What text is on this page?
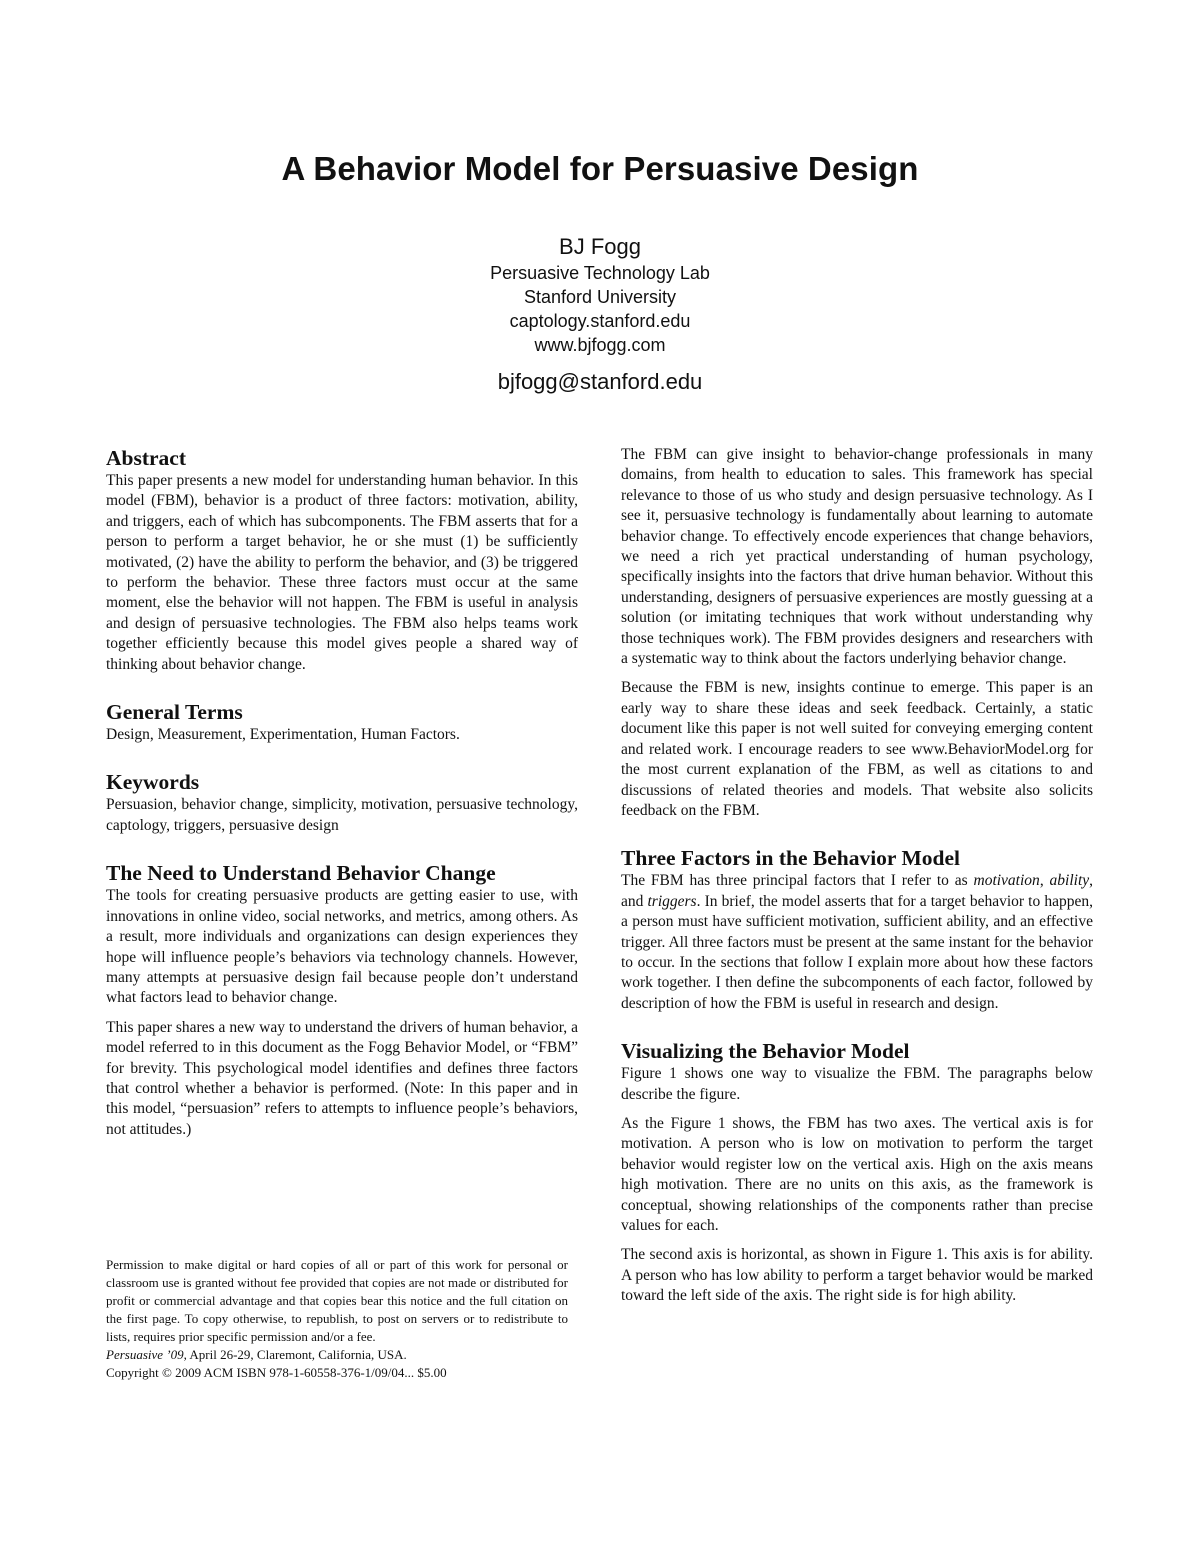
A Behavior Model for Persuasive Design
BJ Fogg
Persuasive Technology Lab
Stanford University
captology.stanford.edu
www.bjfogg.com
bjfogg@stanford.edu
Abstract

This paper presents a new model for understanding human behavior. In this model (FBM), behavior is a product of three factors: motivation, ability, and triggers, each of which has subcomponents. The FBM asserts that for a person to perform a target behavior, he or she must (1) be sufficiently motivated, (2) have the ability to perform the behavior, and (3) be triggered to perform the behavior. These three factors must occur at the same moment, else the behavior will not happen. The FBM is useful in analysis and design of persuasive technologies. The FBM also helps teams work together efficiently because this model gives people a shared way of thinking about behavior change.

General Terms

Design, Measurement, Experimentation, Human Factors.

Keywords

Persuasion, behavior change, simplicity, motivation, persuasive technology, captology, triggers, persuasive design

The Need to Understand Behavior Change

The tools for creating persuasive products are getting easier to use, with innovations in online video, social networks, and metrics, among others. As a result, more individuals and organizations can design experiences they hope will influence people’s behaviors via technology channels. However, many attempts at persuasive design fail because people don’t understand what factors lead to behavior change.

This paper shares a new way to understand the drivers of human behavior, a model referred to in this document as the Fogg Behavior Model, or “FBM” for brevity. This psychological model identifies and defines three factors that control whether a behavior is performed. (Note: In this paper and in this model, “persuasion” refers to attempts to influence people’s behaviors, not attitudes.)

Permission to make digital or hard copies of all or part of this work for personal or classroom use is granted without fee provided that copies are not made or distributed for profit or commercial advantage and that copies bear this notice and the full citation on the first page. To copy otherwise, to republish, to post on servers or to redistribute to lists, requires prior specific permission and/or a fee.

Persuasive ’09, April 26-29, Claremont, California, USA.

Copyright © 2009 ACM ISBN 978-1-60558-376-1/09/04... $5.00

The FBM can give insight to behavior-change professionals in many domains, from health to education to sales. This framework has special relevance to those of us who study and design persuasive technology. As I see it, persuasive technology is fundamentally about learning to automate behavior change. To effectively encode experiences that change behaviors, we need a rich yet practical understanding of human psychology, specifically insights into the factors that drive human behavior. Without this understanding, designers of persuasive experiences are mostly guessing at a solution (or imitating techniques that work without understanding why those techniques work). The FBM provides designers and researchers with a systematic way to think about the factors underlying behavior change.

Because the FBM is new, insights continue to emerge. This paper is an early way to share these ideas and seek feedback. Certainly, a static document like this paper is not well suited for conveying emerging content and related work. I encourage readers to see www.BehaviorModel.org for the most current explanation of the FBM, as well as citations to and discussions of related theories and models. That website also solicits feedback on the FBM.

Three Factors in the Behavior Model

The FBM has three principal factors that I refer to as motivation, ability, and triggers. In brief, the model asserts that for a target behavior to happen, a person must have sufficient motivation, sufficient ability, and an effective trigger. All three factors must be present at the same instant for the behavior to occur. In the sections that follow I explain more about how these factors work together. I then define the subcomponents of each factor, followed by description of how the FBM is useful in research and design.

Visualizing the Behavior Model

Figure 1 shows one way to visualize the FBM. The paragraphs below describe the figure.

As the Figure 1 shows, the FBM has two axes. The vertical axis is for motivation. A person who is low on motivation to perform the target behavior would register low on the vertical axis. High on the axis means high motivation. There are no units on this axis, as the framework is conceptual, showing relationships of the components rather than precise values for each.

The second axis is horizontal, as shown in Figure 1. This axis is for ability. A person who has low ability to perform a target behavior would be marked toward the left side of the axis. The right side is for high ability.
